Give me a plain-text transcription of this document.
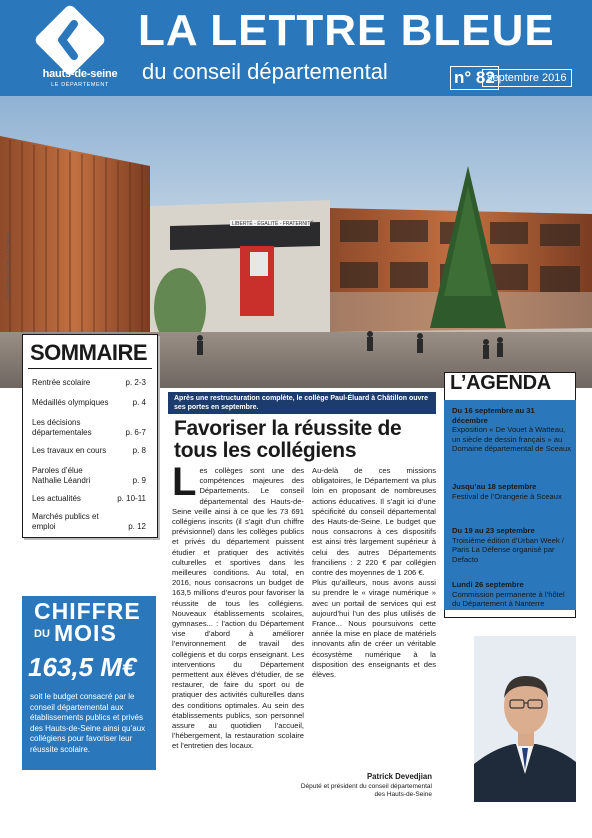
hauts-de-seine
LE DÉPARTEMENT
LA LETTRE BLEUE
du conseil départemental	n° 82
septembre 2016
LIBERTÉ - ÉGALITÉ - FRATERNITÉ
© Sandrine Coulon / Architecte
Après une restructuration complète, le collège Paul-Éluard à Châtillon ouvre ses portes en septembre.
SOMMAIRE
Rentrée scolaire	p. 2-3
Médaillés olympiques	p. 4
Les décisions départementales	p. 6-7
Les travaux en cours	p. 8
Paroles d’élue Nathalie Léandri	p. 9
Les actualités	p. 10-11
Marchés publics et emploi	p. 12
CHIFFRE
DU MOIS
163,5 M€
soit le budget consacré par le conseil départemental aux établissements publics et privés des Hauts-de-Seine ainsi qu’aux collégiens pour favoriser leur réussite scolaire.
Favoriser la réussite de tous les collégiens
L es collèges sont une des compétences majeures des Départements. Le conseil départemental des Hauts-de-Seine veille ainsi à ce que les 73 691 collégiens inscrits (il s’agit d’un chiffre prévisionnel) dans les collèges publics et privés du département puissent étudier et pratiquer des activités culturelles et sportives dans les meilleures conditions. Au total, en 2016, nous consacrons un budget de 163,5 millions d’euros pour favoriser la réussite de tous les collégiens. Nouveaux établissements scolaires, gymnases... : l’action du Département vise d’abord à améliorer l’environnement de travail des collégiens et du corps enseignant. Les interventions du Département permettent aux élèves d’étudier, de se restaurer, de faire du sport ou de pratiquer des activités culturelles dans des conditions optimales. Au sein des établissements publics, son personnel assure au quotidien l’accueil, l’hébergement, la restauration scolaire et l’entretien des locaux.

Au-delà de ces missions obligatoires, le Département va plus loin en proposant de nombreuses actions éducatives. Il s’agit ici d’une spécificité du conseil départemental des Hauts-de-Seine. Le budget que nous consacrons à ces dispositifs est ainsi très largement supérieur à celui des autres Départements franciliens : 2 220 € par collégien contre des moyennes de 1 206 €.

Plus qu’ailleurs, nous avons aussi su prendre le « virage numérique » avec un portail de services qui est aujourd’hui l’un des plus utilisés de France... Nous poursuivons cette année la mise en place de matériels innovants afin de créer un véritable écosystème numérique à la disposition des enseignants et des élèves.

Patrick Devedjian
Député et président du conseil départemental des Hauts-de-Seine
L’AGENDA
Du 16 septembre au 31 décembre
Exposition « De Vouet à Watteau, un siècle de dessin français » au Domaine départemental de Sceaux
Jusqu’au 18 septembre
Festival de l’Orangerie à Sceaux
Du 19 au 23 septembre
Troisième édition d’Urban Week / Paris La Défense organisé par Defacto
Lundi 26 septembre
Commission permanente à l’hôtel du Département à Nanterre
